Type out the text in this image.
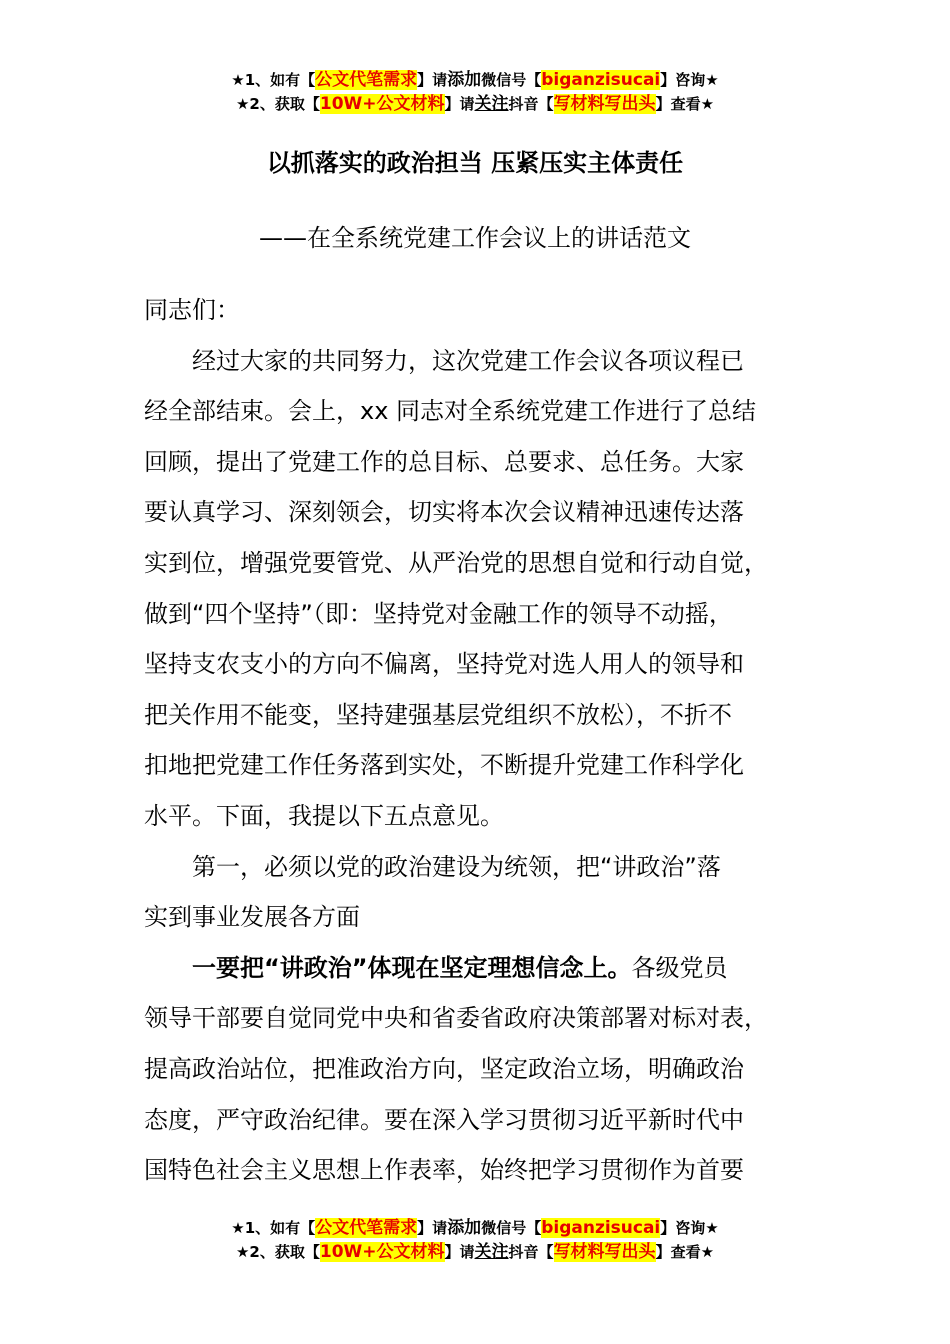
★1、如有【公文代笔需求】请添加微信号【biganzisucai】咨询★
★2、获取【10W+公文材料】请关注抖音【写材料写出头】查看★
以抓落实的政治担当 压紧压实主体责任
——在全系统党建工作会议上的讲话范文
同志们：
　　经过大家的共同努力，这次党建工作会议各项议程已
经全部结束。会上，xx 同志对全系统党建工作进行了总结
回顾，提出了党建工作的总目标、总要求、总任务。大家
要认真学习、深刻领会，切实将本次会议精神迅速传达落
实到位，增强党要管党、从严治党的思想自觉和行动自觉，
做到“四个坚持”（即：坚持党对金融工作的领导不动摇，
坚持支农支小的方向不偏离，坚持党对选人用人的领导和
把关作用不能变，坚持建强基层党组织不放松），不折不
扣地把党建工作任务落到实处，不断提升党建工作科学化
水平。下面，我提以下五点意见。
　　第一，必须以党的政治建设为统领，把“讲政治”落
实到事业发展各方面
　　一要把“讲政治”体现在坚定理想信念上。各级党员
领导干部要自觉同党中央和省委省政府决策部署对标对表，
提高政治站位，把准政治方向，坚定政治立场，明确政治
态度，严守政治纪律。要在深入学习贯彻习近平新时代中
国特色社会主义思想上作表率，始终把学习贯彻作为首要
★1、如有【公文代笔需求】请添加微信号【biganzisucai】咨询★
★2、获取【10W+公文材料】请关注抖音【写材料写出头】查看★
